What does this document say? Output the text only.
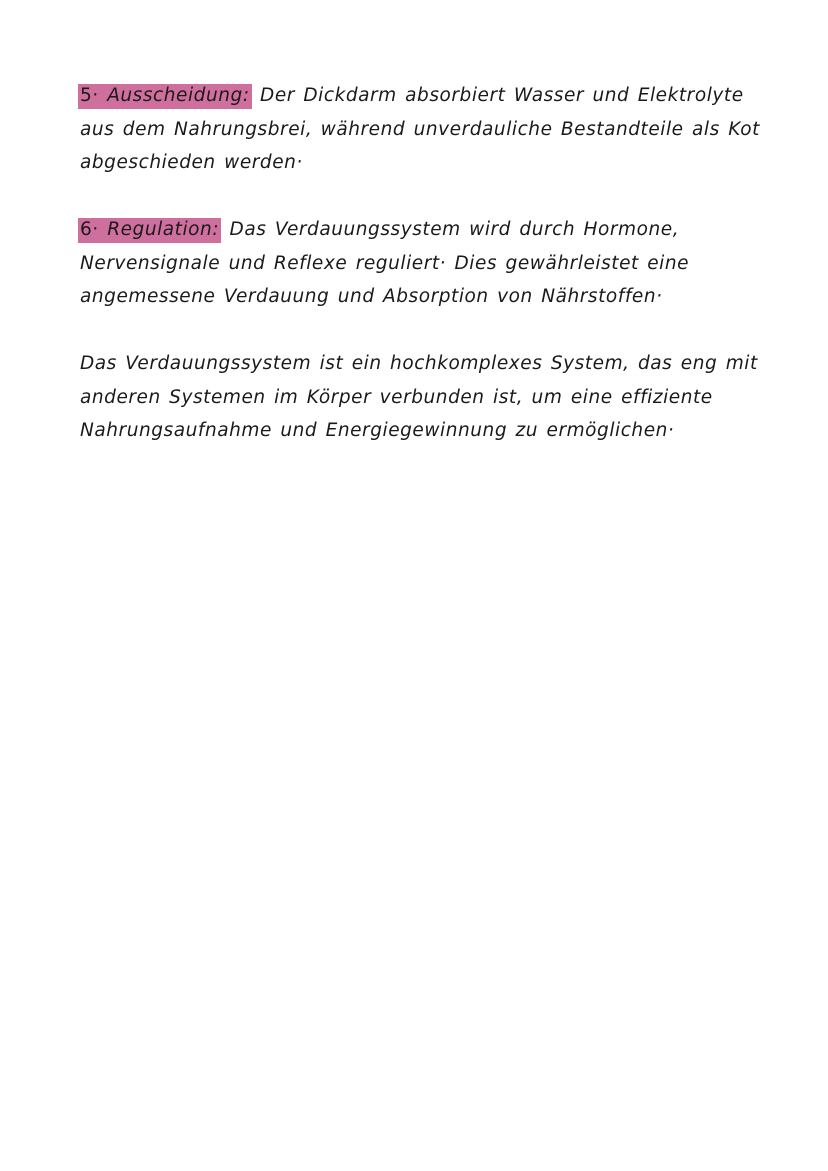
5· Ausscheidung: Der Dickdarm absorbiert Wasser und Elektrolyte
aus dem Nahrungsbrei, während unverdauliche Bestandteile als Kot
abgeschieden werden·

6· Regulation: Das Verdauungssystem wird durch Hormone,
Nervensignale und Reflexe reguliert· Dies gewährleistet eine
angemessene Verdauung und Absorption von Nährstoffen·

Das Verdauungssystem ist ein hochkomplexes System, das eng mit
anderen Systemen im Körper verbunden ist, um eine effiziente
Nahrungsaufnahme und Energiegewinnung zu ermöglichen·
